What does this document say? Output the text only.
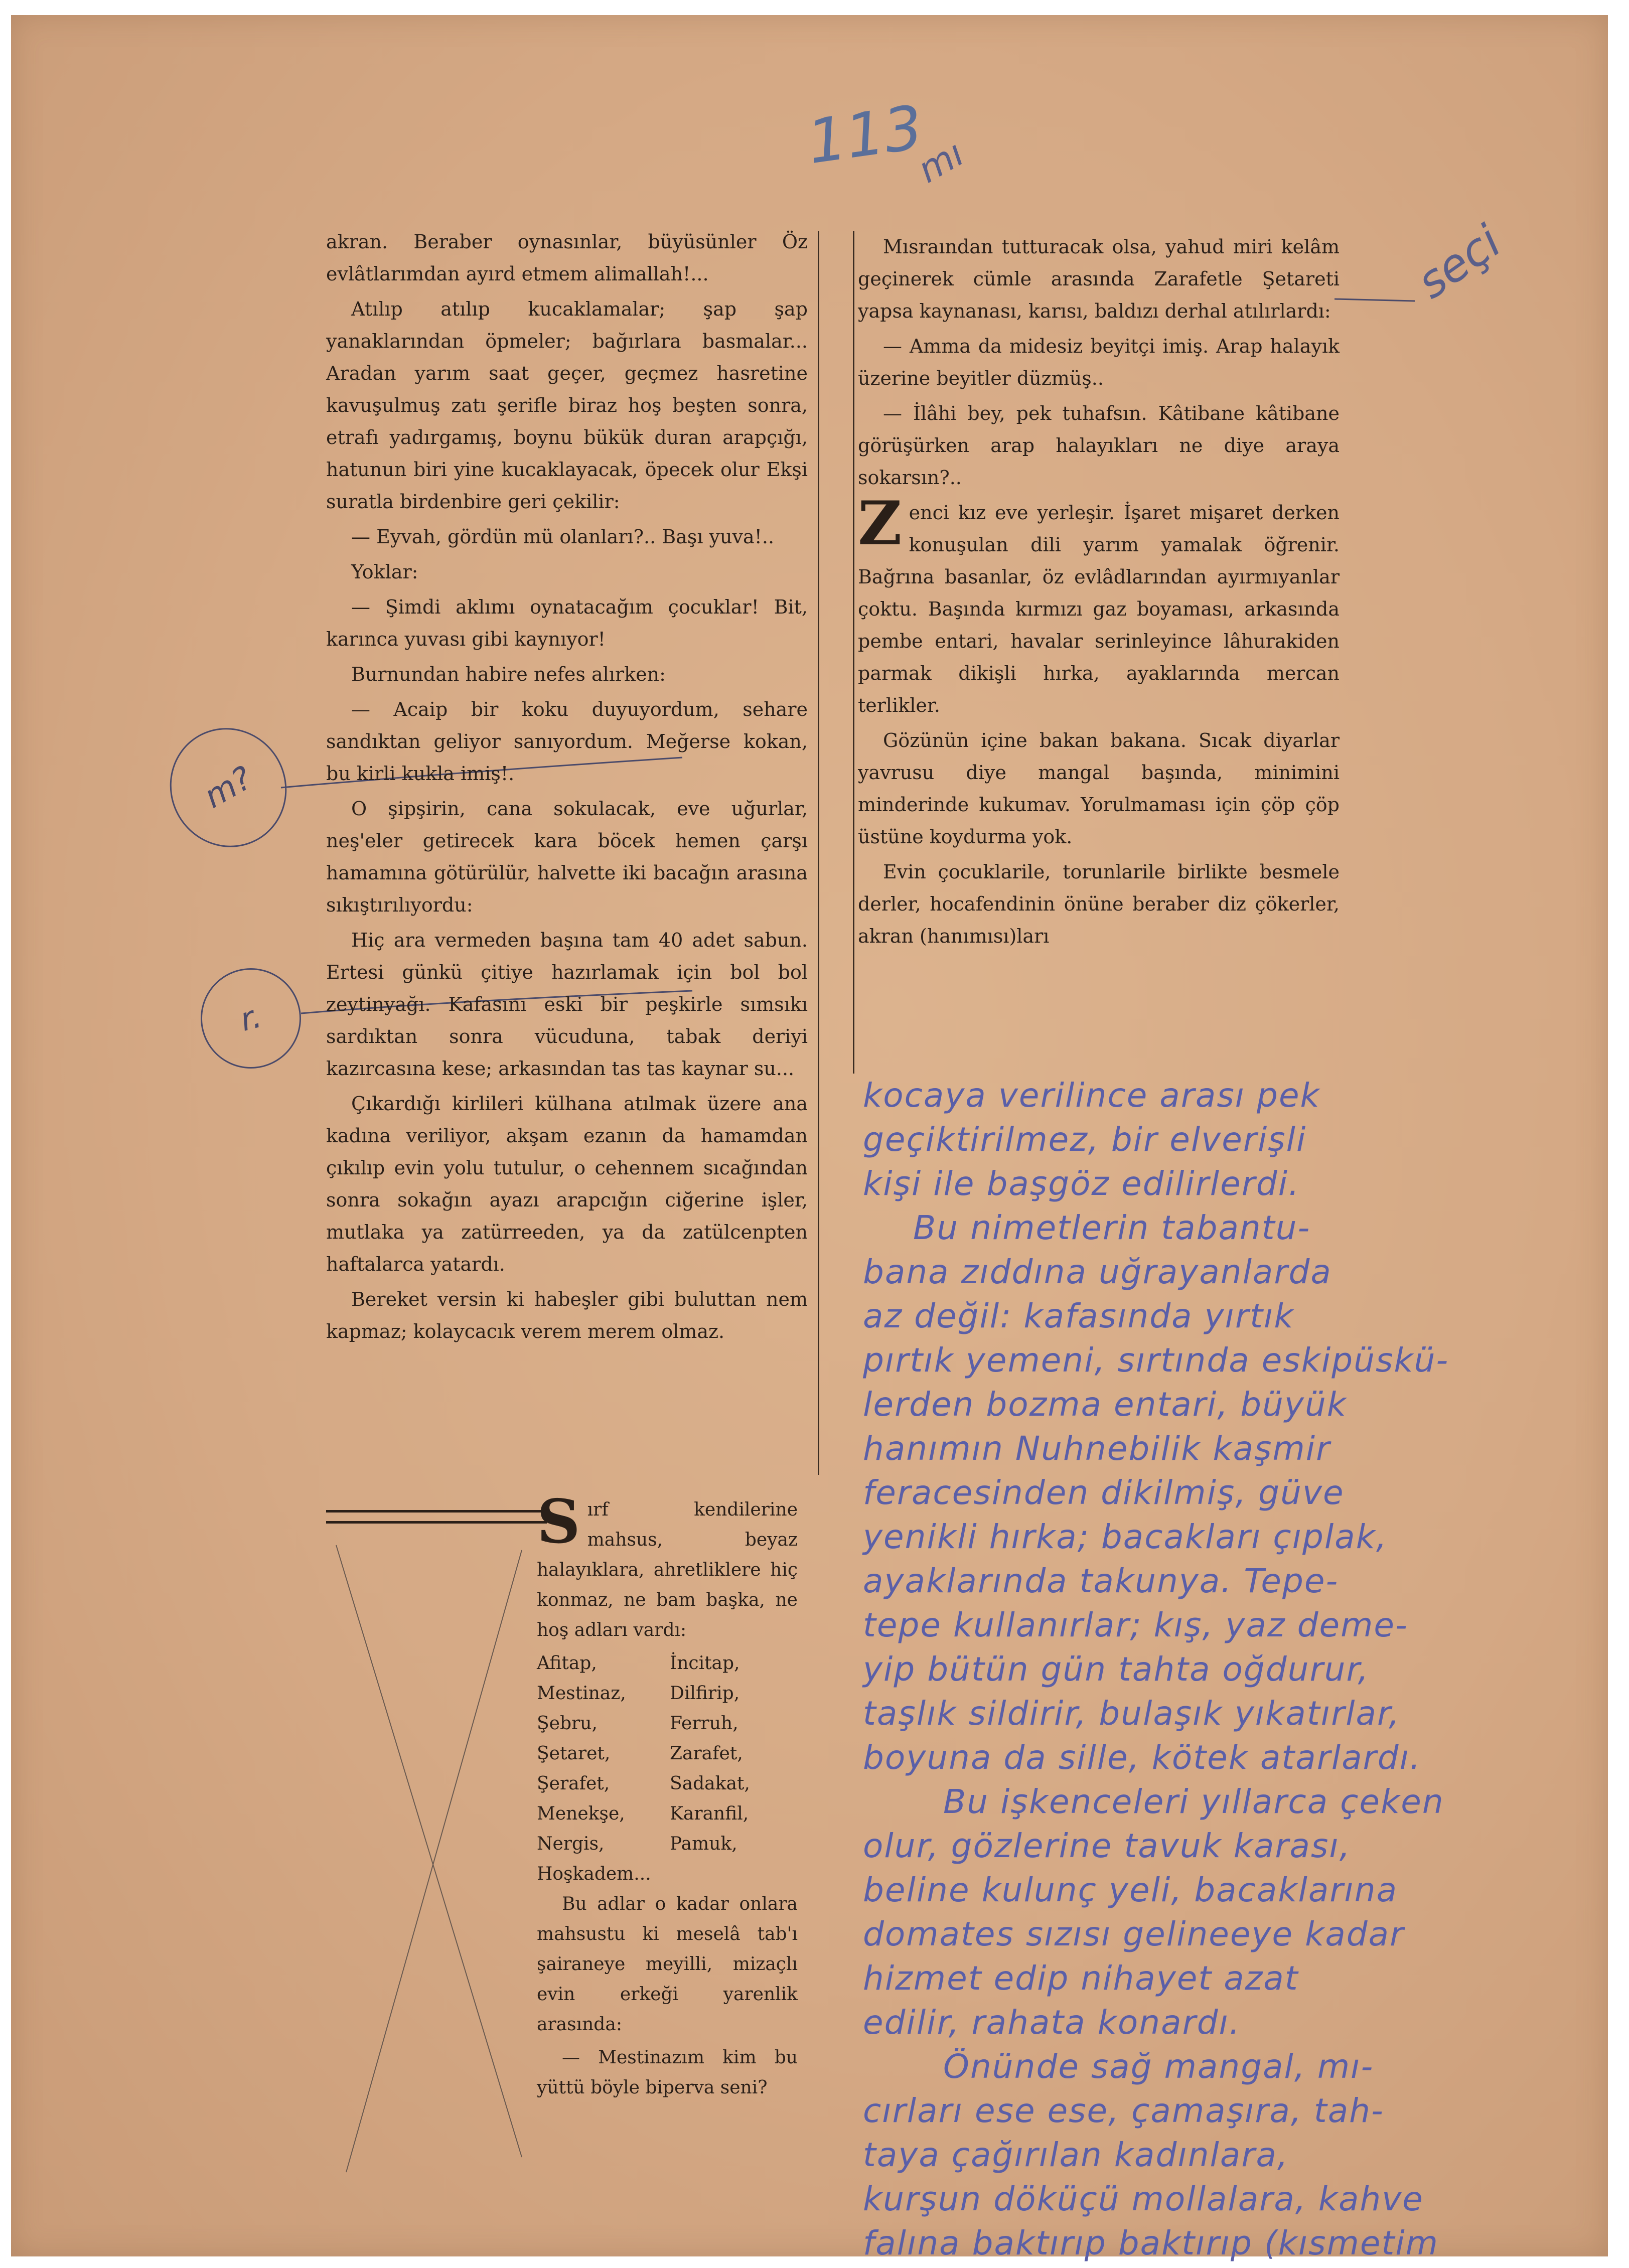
113
mı
seçi
m?
r.

akran. Beraber oynasınlar, büyüsünler Öz evlâtlarımdan ayırd etmem alimallah!...

Atılıp atılıp kucaklamalar; şap şap yanaklarından öpmeler; bağırlara basmalar... Aradan yarım saat geçer, geçmez hasretine kavuşulmuş zatı şerifle biraz hoş beşten sonra, etrafı yadırgamış, boynu bükük duran arapçığı, hatunun biri yine kucaklayacak, öpecek olur Ekşi suratla birdenbire geri çekilir:

— Eyvah, gördün mü olanları?.. Başı yuva!..

Yoklar:

— Şimdi aklımı oynatacağım çocuklar! Bit, karınca yuvası gibi kaynıyor!

Burnundan habire nefes alırken:

— Acaip bir koku duyuyordum, sehare sandıktan geliyor sanıyordum. Meğerse kokan, bu kirli kukla imiş!.

O şipşirin, cana sokulacak, eve uğurlar, neş'eler getirecek kara böcek hemen çarşı hamamına götürülür, halvette iki bacağın arasına sıkıştırılıyordu:

Hiç ara vermeden başına tam 40 adet sabun. Ertesi günkü çitiye hazırlamak için bol bol zeytinyağı. Kafasını eski bir peşkirle sımsıkı sardıktan sonra vücuduna, tabak deriyi kazırcasına kese; arkasından tas tas kaynar su...

Çıkardığı kirlileri külhana atılmak üzere ana kadına veriliyor, akşam ezanın da hamamdan çıkılıp evin yolu tutulur, o cehennem sıcağından sonra sokağın ayazı arapcığın ciğerine işler, mutlaka ya zatürreeden, ya da zatülcenpten haftalarca yatardı.

Bereket versin ki habeşler gibi buluttan nem kapmaz; kolaycacık verem merem olmaz.

Mısraından tutturacak olsa, yahud miri kelâm geçinerek cümle arasında Zarafetle Şetareti yapsa kaynanası, karısı, baldızı derhal atılırlardı:

— Amma da midesiz beyitçi imiş. Arap halayık üzerine beyitler düzmüş..

— İlâhi bey, pek tuhafsın. Kâtibane kâtibane görüşürken arap halayıkları ne diye araya sokarsın?..

Zenci kız eve yerleşir. İşaret mişaret derken konuşulan dili yarım yamalak öğrenir. Bağrına basanlar, öz evlâdlarından ayırmıyanlar çoktu. Başında kırmızı gaz boyaması, arkasında pembe entari, havalar serinleyince lâhurakiden parmak dikişli hırka, ayaklarında mercan terlikler.

Gözünün içine bakan bakana. Sıcak diyarlar yavrusu diye mangal başında, minimini minderinde kukumav. Yorulmaması için çöp çöp üstüne koydurma yok.

Evin çocuklarile, torunlarile birlikte besmele derler, hocafendinin önüne beraber diz çökerler, akran (hanımısı)ları

Sırf kendilerine mahsus, beyaz halayıklara, ahretliklere hiç konmaz, ne bam başka, ne hoş adları vardı:

Afitap,	İncitap,
Mestinaz,	Dilfirip,
Şebru,	Ferruh,
Şetaret,	Zarafet,
Şerafet,	Sadakat,
Menekşe,	Karanfil,
Nergis,	Pamuk,
Hoşkadem...

Bu adlar o kadar onlara mahsustu ki meselâ tab'ı şairaneye meyilli, mizaçlı evin erkeği yarenlik arasında:

— Mestinazım kim bu yüttü böyle biperva seni?

kocaya verilince arası pek
geçiktirilmez, bir elverişli
kişi ile başgöz edilirlerdi.
Bu nimetlerin tabantu-
bana zıddına uğrayanlarda
az değil: kafasında yırtık
pırtık yemeni, sırtında eskipüskü-
lerden bozma entari, büyük
hanımın Nuhnebilik kaşmir
feracesinden dikilmiş, güve
yenikli hırka; bacakları çıplak,
ayaklarında takunya. Tepe-
tepe kullanırlar; kış, yaz deme-
yip bütün gün tahta oğdurur,
taşlık sildirir, bulaşık yıkatırlar,
boyuna da sille, kötek atarlardı.
Bu işkenceleri yıllarca çeken
olur, gözlerine tavuk karası,
beline kulunç yeli, bacaklarına
domates sızısı gelineeye kadar
hizmet edip nihayet azat
edilir, rahata konardı.
Önünde sağ mangal, mı-
cırları ese ese, çamaşıra, tah-
taya çağırılan kadınlara,
kurşun döküçü mollalara, kahve
falına baktırıp baktırıp (kısmetim
